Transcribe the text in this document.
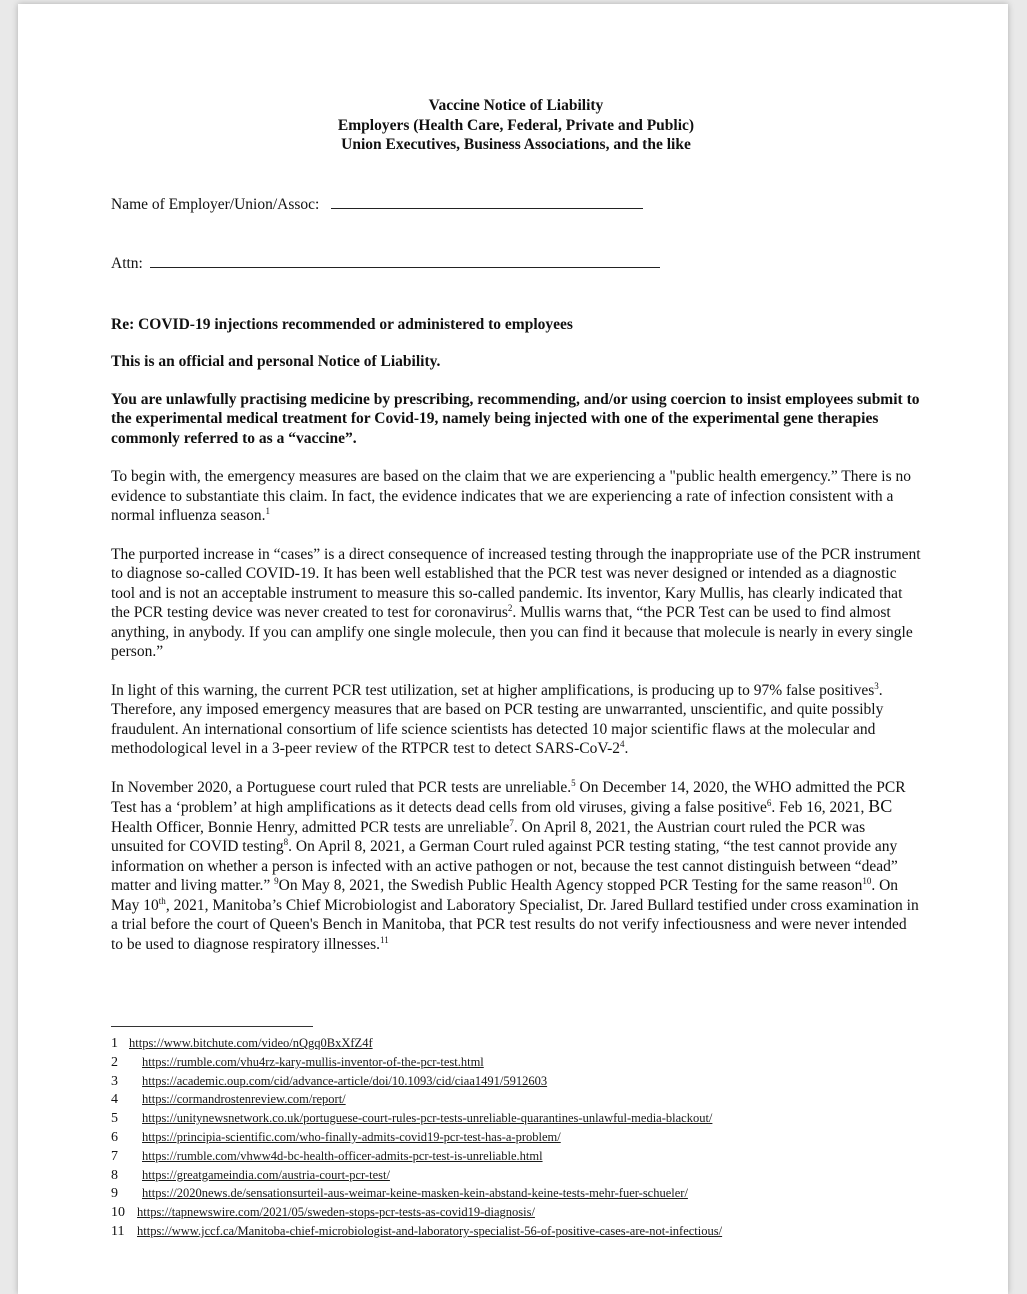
Vaccine Notice of Liability
Employers (Health Care, Federal, Private and Public)
Union Executives, Business Associations, and the like
Name of Employer/Union/Assoc:
Attn:
Re: COVID-19 injections recommended or administered to employees
This is an official and personal Notice of Liability.
You are unlawfully practising medicine by prescribing, recommending, and/or using coercion to insist employees submit to the experimental medical treatment for Covid-19, namely being injected with one of the experimental gene therapies commonly referred to as a “vaccine”.
To begin with, the emergency measures are based on the claim that we are experiencing a "public health emergency.” There is no evidence to substantiate this claim. In fact, the evidence indicates that we are experiencing a rate of infection consistent with a normal influenza season.$^1$
The purported increase in “cases” is a direct consequence of increased testing through the inappropriate use of the PCR instrument to diagnose so-called COVID-19. It has been well established that the PCR test was never designed or intended as a diagnostic tool and is not an acceptable instrument to measure this so-called pandemic. Its inventor, Kary Mullis, has clearly indicated that the PCR testing device was never created to test for coronavirus$^2$. Mullis warns that, “the PCR Test can be used to find almost anything, in anybody. If you can amplify one single molecule, then you can find it because that molecule is nearly in every single person.”
In light of this warning, the current PCR test utilization, set at higher amplifications, is producing up to 97% false positives$^3$. Therefore, any imposed emergency measures that are based on PCR testing are unwarranted, unscientific, and quite possibly fraudulent. An international consortium of life science scientists has detected 10 major scientific flaws at the molecular and methodological level in a 3-peer review of the RTPCR test to detect SARS-$CoV-2^4$.
In November 2020, a Portuguese court ruled that PCR tests are unreliable.$^5$ On December 14, 2020, the WHO admitted the PCR Test has a ‘problem’ at high amplifications as it detects dead cells from old viruses, giving a false positive$^6$. Feb 16, 2021, BC Health Officer, Bonnie Henry, admitted PCR tests are unreliable$^7$. On April 8, 2021, the Austrian court ruled the PCR was unsuited for COVID testing$^8$. On April 8, 2021, a German Court ruled against PCR testing stating, “the test cannot provide any information on whether a person is infected with an active pathogen or not, because the test cannot distinguish between “dead” matter and living matter.” $^9$On May 8, 2021, the Swedish Public Health Agency stopped PCR Testing for the same reason$^{10}$. On May 10th, 2021, Manitoba’s Chief Microbiologist and Laboratory Specialist, Dr. Jared Bullard testified under cross examination in a trial before the court of Queen's Bench in Manitoba, that PCR test results do not verify infectiousness and were never intended to be used to diagnose respiratory illnesses.$^{11}$
1 https://www.bitchute.com/video/nQgq0BxXfZ4f
2 https://rumble.com/vhu4rz-kary-mullis-inventor-of-the-pcr-test.html
3 https://academic.oup.com/cid/advance-article/doi/10.1093/cid/ciaa1491/5912603
4 https://cormandrostenreview.com/report/
5 https://unitynewsnetwork.co.uk/portuguese-court-rules-pcr-tests-unreliable-quarantines-unlawful-media-blackout/
6 https://principia-scientific.com/who-finally-admits-covid19-pcr-test-has-a-problem/
7 https://rumble.com/vhww4d-bc-health-officer-admits-pcr-test-is-unreliable.html
8 https://greatgameindia.com/austria-court-pcr-test/
9 https://2020news.de/sensationsurteil-aus-weimar-keine-masken-kein-abstand-keine-tests-mehr-fuer-schueler/
10 https://tapnewswire.com/2021/05/sweden-stops-pcr-tests-as-covid19-diagnosis/
11 https://www.jccf.ca/Manitoba-chief-microbiologist-and-laboratory-specialist-56-of-positive-cases-are-not-infectious/
